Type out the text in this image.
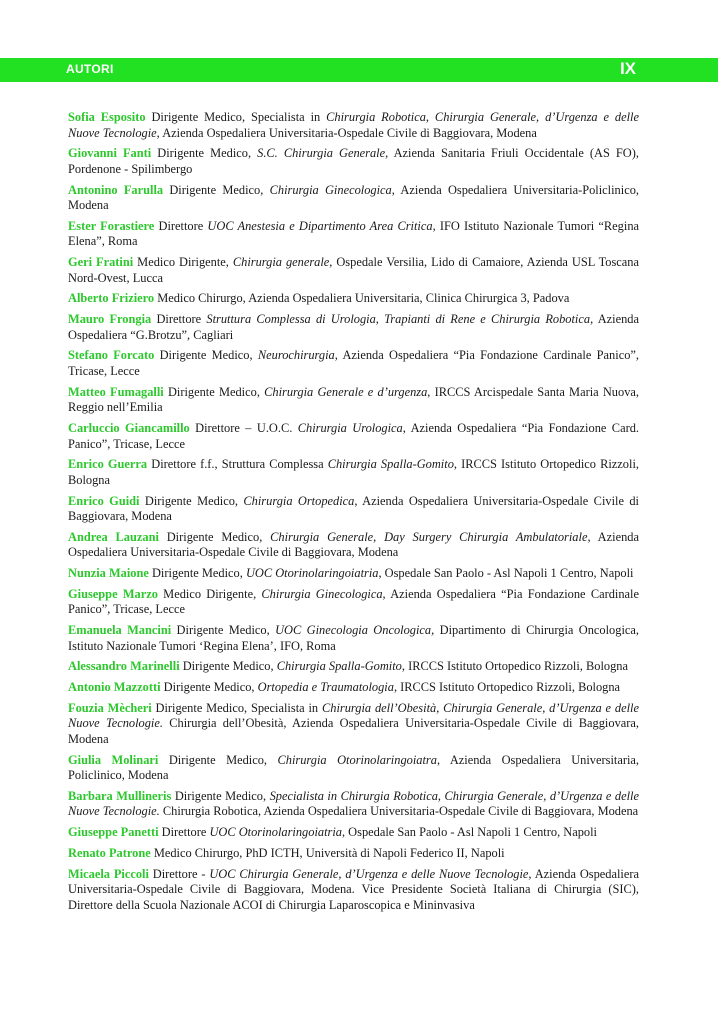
AUTORI	IX

Sofia Esposito Dirigente Medico, Specialista in Chirurgia Robotica, Chirurgia Generale, d’Urgenza e delle Nuove Tecnologie, Azienda Ospedaliera Universitaria-Ospedale Civile di Baggiovara, Modena

Giovanni Fanti Dirigente Medico, S.C. Chirurgia Generale, Azienda Sanitaria Friuli Occidentale (AS FO), Pordenone - Spilimbergo

Antonino Farulla Dirigente Medico, Chirurgia Ginecologica, Azienda Ospedaliera Universitaria-Policlinico, Modena

Ester Forastiere Direttore UOC Anestesia e Dipartimento Area Critica, IFO Istituto Nazionale Tumori “Regina Elena”, Roma

Geri Fratini Medico Dirigente, Chirurgia generale, Ospedale Versilia, Lido di Camaiore, Azienda USL Toscana Nord-Ovest, Lucca

Alberto Friziero Medico Chirurgo, Azienda Ospedaliera Universitaria, Clinica Chirurgica 3, Padova

Mauro Frongia Direttore Struttura Complessa di Urologia, Trapianti di Rene e Chirurgia Robotica, Azienda Ospedaliera “G.Brotzu”, Cagliari

Stefano Forcato Dirigente Medico, Neurochirurgia, Azienda Ospedaliera “Pia Fondazione Cardinale Panico”, Tricase, Lecce

Matteo Fumagalli Dirigente Medico, Chirurgia Generale e d’urgenza, IRCCS Arcispedale Santa Maria Nuova, Reggio nell’Emilia

Carluccio Giancamillo Direttore – U.O.C. Chirurgia Urologica, Azienda Ospedaliera “Pia Fondazione Card. Panico”, Tricase, Lecce

Enrico Guerra Direttore f.f., Struttura Complessa Chirurgia Spalla-Gomito, IRCCS Istituto Ortopedico Rizzoli, Bologna

Enrico Guidi Dirigente Medico, Chirurgia Ortopedica, Azienda Ospedaliera Universitaria-Ospedale Civile di Baggiovara, Modena

Andrea Lauzani Dirigente Medico, Chirurgia Generale, Day Surgery Chirurgia Ambulatoriale, Azienda Ospedaliera Universitaria-Ospedale Civile di Baggiovara, Modena

Nunzia Maione Dirigente Medico, UOC Otorinolaringoiatria, Ospedale San Paolo - Asl Napoli 1 Centro, Napoli

Giuseppe Marzo Medico Dirigente, Chirurgia Ginecologica, Azienda Ospedaliera “Pia Fondazione Cardinale Panico”, Tricase, Lecce

Emanuela Mancini Dirigente Medico, UOC Ginecologia Oncologica, Dipartimento di Chirurgia Oncologica, Istituto Nazionale Tumori ‘Regina Elena’, IFO, Roma

Alessandro Marinelli Dirigente Medico, Chirurgia Spalla-Gomito, IRCCS Istituto Ortopedico Rizzoli, Bologna

Antonio Mazzotti Dirigente Medico, Ortopedia e Traumatologia, IRCCS Istituto Ortopedico Rizzoli, Bologna

Fouzia Mècheri Dirigente Medico, Specialista in Chirurgia dell’Obesità, Chirurgia Generale, d’Urgenza e delle Nuove Tecnologie. Chirurgia dell’Obesità, Azienda Ospedaliera Universitaria-Ospedale Civile di Baggiovara, Modena

Giulia Molinari Dirigente Medico, Chirurgia Otorinolaringoiatra, Azienda Ospedaliera Universitaria, Policlinico, Modena

Barbara Mullineris Dirigente Medico, Specialista in Chirurgia Robotica, Chirurgia Generale, d’Urgenza e delle Nuove Tecnologie. Chirurgia Robotica, Azienda Ospedaliera Universitaria-Ospedale Civile di Baggiovara, Modena

Giuseppe Panetti Direttore UOC Otorinolaringoiatria, Ospedale San Paolo - Asl Napoli 1 Centro, Napoli

Renato Patrone Medico Chirurgo, PhD ICTH, Università di Napoli Federico II, Napoli

Micaela Piccoli Direttore - UOC Chirurgia Generale, d’Urgenza e delle Nuove Tecnologie, Azienda Ospedaliera Universitaria-Ospedale Civile di Baggiovara, Modena. Vice Presidente Società Italiana di Chirurgia (SIC), Direttore della Scuola Nazionale ACOI di Chirurgia Laparoscopica e Mininvasiva
